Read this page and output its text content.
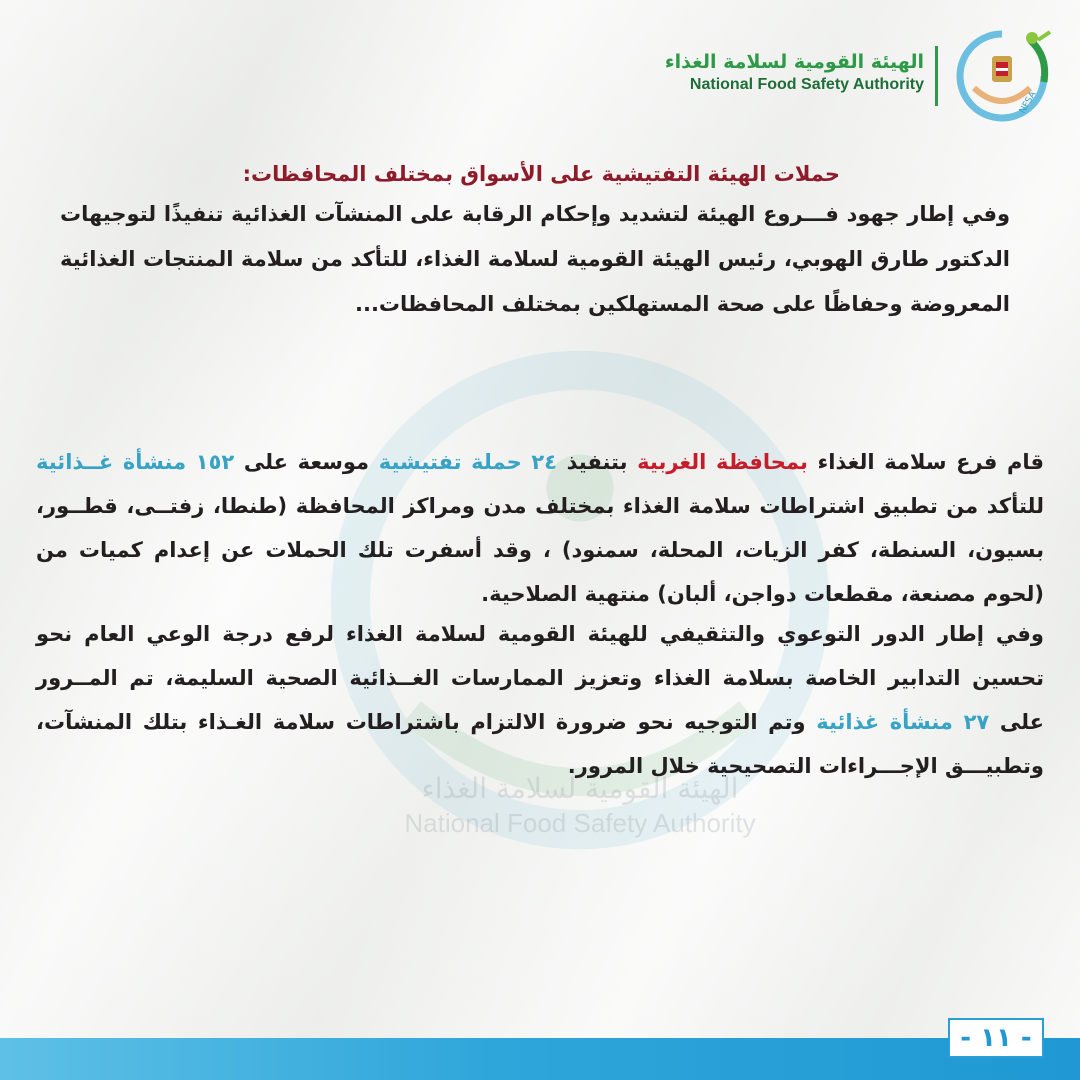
الهيئة القومية لسلامة الغذاء
National Food Safety Authority
NFSA
الهيئة القومية لسلامة الغذاء
National Food Safety Authority
حملات الهيئة التفتيشية على الأسواق بمختلف المحافظات:
وفي إطار جهود فـــروع الهيئة لتشديد وإحكام الرقابة على المنشآت الغذائية تنفيذًا لتوجيهات الدكتور طارق الهوبي، رئيس الهيئة القومية لسلامة الغذاء، للتأكد من سلامة المنتجات الغذائية المعروضة وحفاظًا على صحة المستهلكين بمختلف المحافظات...
قام فرع سلامة الغذاء بمحافظة الغربية بتنفيذ ٢٤ حملة تفتيشية موسعة على ١٥٢ منشأة غــذائية للتأكد من تطبيق اشتراطات سلامة الغذاء بمختلف مدن ومراكز المحافظة (طنطا، زفتــى، قطــور، بسيون، السنطة، كفر الزيات، المحلة، سمنود) ، وقد أسفرت تلك الحملات عن إعدام كميات من (لحوم مصنعة، مقطعات دواجن، ألبان) منتهية الصلاحية.
وفي إطار الدور التوعوي والتثقيفي للهيئة القومية لسلامة الغذاء لرفع درجة الوعي العام نحو تحسين التدابير الخاصة بسلامة الغذاء وتعزيز الممارسات الغــذائية الصحية السليمة، تم المــرور على ٢٧ منشأة غذائية وتم التوجيه نحو ضرورة الالتزام باشتراطات سلامة الغـذاء بتلك المنشآت، وتطبيـــق الإجـــراءات التصحيحية خلال المرور.
- ١١ -
